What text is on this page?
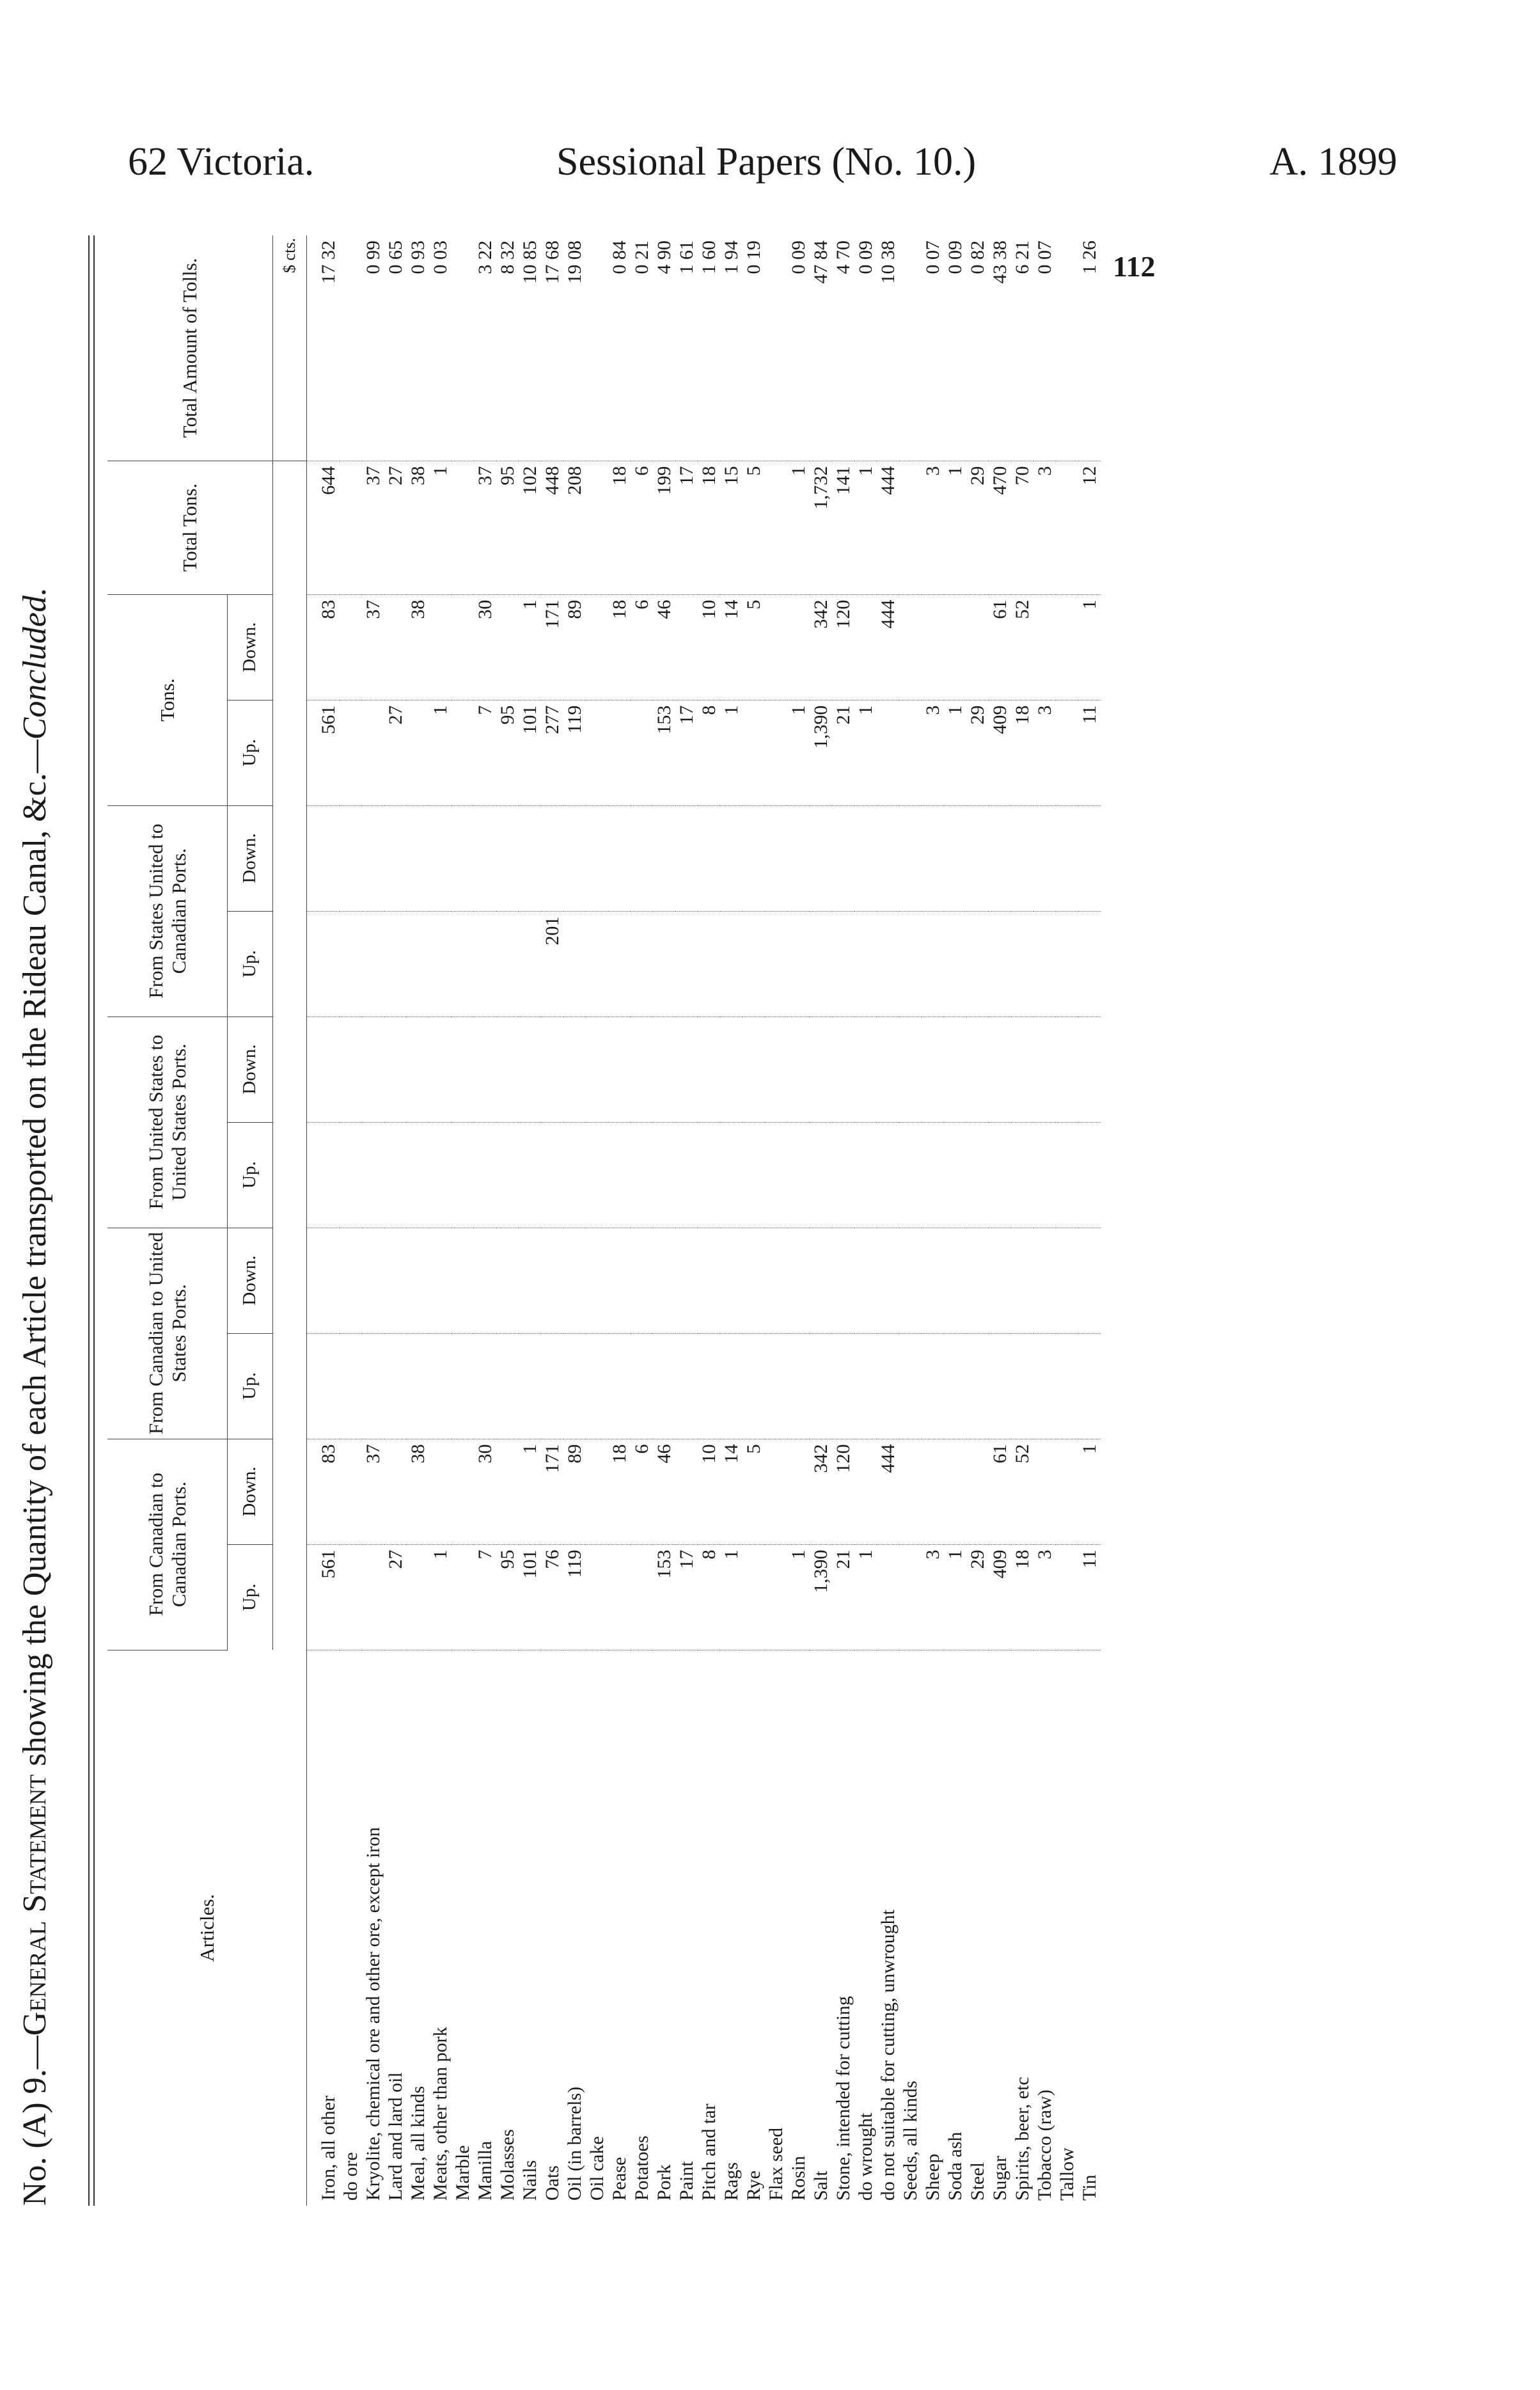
62 Victoria.	Sessional Papers (No. 10.)	A. 1899
No. (A) 9.—General Statement showing the Quantity of each Article transported on the Rideau Canal, &c.—Concluded.
Articles.	From Canadian to Canadian Ports.		From Canadian to United States Ports.		From United States to United States Ports.		From States United to Canadian Ports.		Tons.		Total Tons.	Total Amount of Tolls.
	Up.	Down.	Up.	Down.	Up.	Down.	Up.	Down.	Up.	Down.		
												$ cts.
Iron, all other	561	83							561	83	644	17 32
do ore												
Kryolite, chemical ore and other ore, except iron		37								37	37	0 99
Lard and lard oil	27								27		27	0 65
Meal, all kinds		38								38	38	0 93
Meats, other than pork	1								1		1	0 03
Marble												
Manilla	7	30							7	30	37	3 22
Molasses	95								95		95	8 32
Nails	101	1							101	1	102	10 85
Oats	76	171					201		277	171	448	17 68
Oil (in barrels)	119	89							119	89	208	19 08
Oil cake												
Pease		18								18	18	0 84
Potatoes		6								6	6	0 21
Pork	153	46							153	46	199	4 90
Paint	17								17		17	1 61
Pitch and tar	8	10							8	10	18	1 60
Rags	1	14							1	14	15	1 94
Rye		5								5	5	0 19
Flax seed												
Rosin	1								1		1	0 09
Salt	1,390	342							1,390	342	1,732	47 84
Stone, intended for cutting	21	120							21	120	141	4 70
do wrought	1								1		1	0 09
do not suitable for cutting, unwrought		444								444	444	10 38
Seeds, all kinds												
Sheep	3								3		3	0 07
Soda ash	1								1		1	0 09
Steel	29								29		29	0 82
Sugar	409	61							409	61	470	43 38
Spirits, beer, etc	18	52							18	52	70	6 21
Tobacco (raw)	3								3		3	0 07
Tallow												
Tin	11	1							11	1	12	1 26 112
